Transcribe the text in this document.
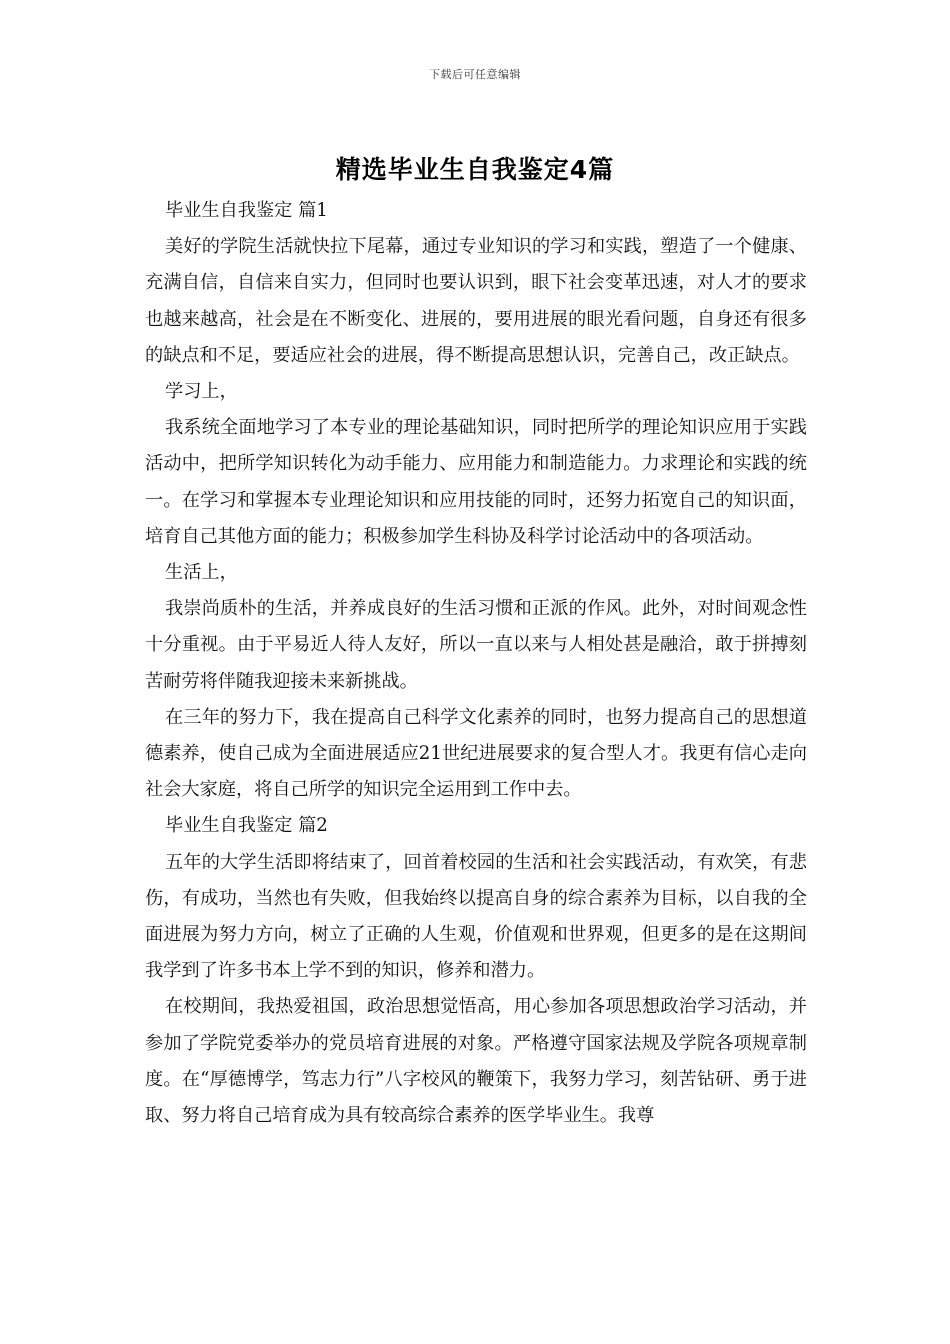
下载后可任意编辑
精选毕业生自我鉴定4篇

毕业生自我鉴定 篇1

美好的学院生活就快拉下尾幕，通过专业知识的学习和实践，塑造了一个健康、充满自信，自信来自实力，但同时也要认识到，眼下社会变革迅速，对人才的要求也越来越高，社会是在不断变化、进展的，要用进展的眼光看问题，自身还有很多的缺点和不足，要适应社会的进展，得不断提高思想认识，完善自己，改正缺点。

学习上，

我系统全面地学习了本专业的理论基础知识，同时把所学的理论知识应用于实践活动中，把所学知识转化为动手能力、应用能力和制造能力。力求理论和实践的统一。在学习和掌握本专业理论知识和应用技能的同时，还努力拓宽自己的知识面，培育自己其他方面的能力；积极参加学生科协及科学讨论活动中的各项活动。

生活上，

我崇尚质朴的生活，并养成良好的生活习惯和正派的作风。此外，对时间观念性十分重视。由于平易近人待人友好，所以一直以来与人相处甚是融洽，敢于拼搏刻苦耐劳将伴随我迎接未来新挑战。

在三年的努力下，我在提高自己科学文化素养的同时，也努力提高自己的思想道德素养，使自己成为全面进展适应21世纪进展要求的复合型人才。我更有信心走向社会大家庭，将自己所学的知识完全运用到工作中去。

毕业生自我鉴定 篇2

五年的大学生活即将结束了，回首着校园的生活和社会实践活动，有欢笑，有悲伤，有成功，当然也有失败，但我始终以提高自身的综合素养为目标，以自我的全面进展为努力方向，树立了正确的人生观，价值观和世界观，但更多的是在这期间我学到了许多书本上学不到的知识，修养和潜力。

在校期间，我热爱祖国，政治思想觉悟高，用心参加各项思想政治学习活动，并参加了学院党委举办的党员培育进展的对象。严格遵守国家法规及学院各项规章制度。在“厚德博学，笃志力行”八字校风的鞭策下，我努力学习，刻苦钻研、勇于进取、努力将自己培育成为具有较高综合素养的医学毕业生。我尊
